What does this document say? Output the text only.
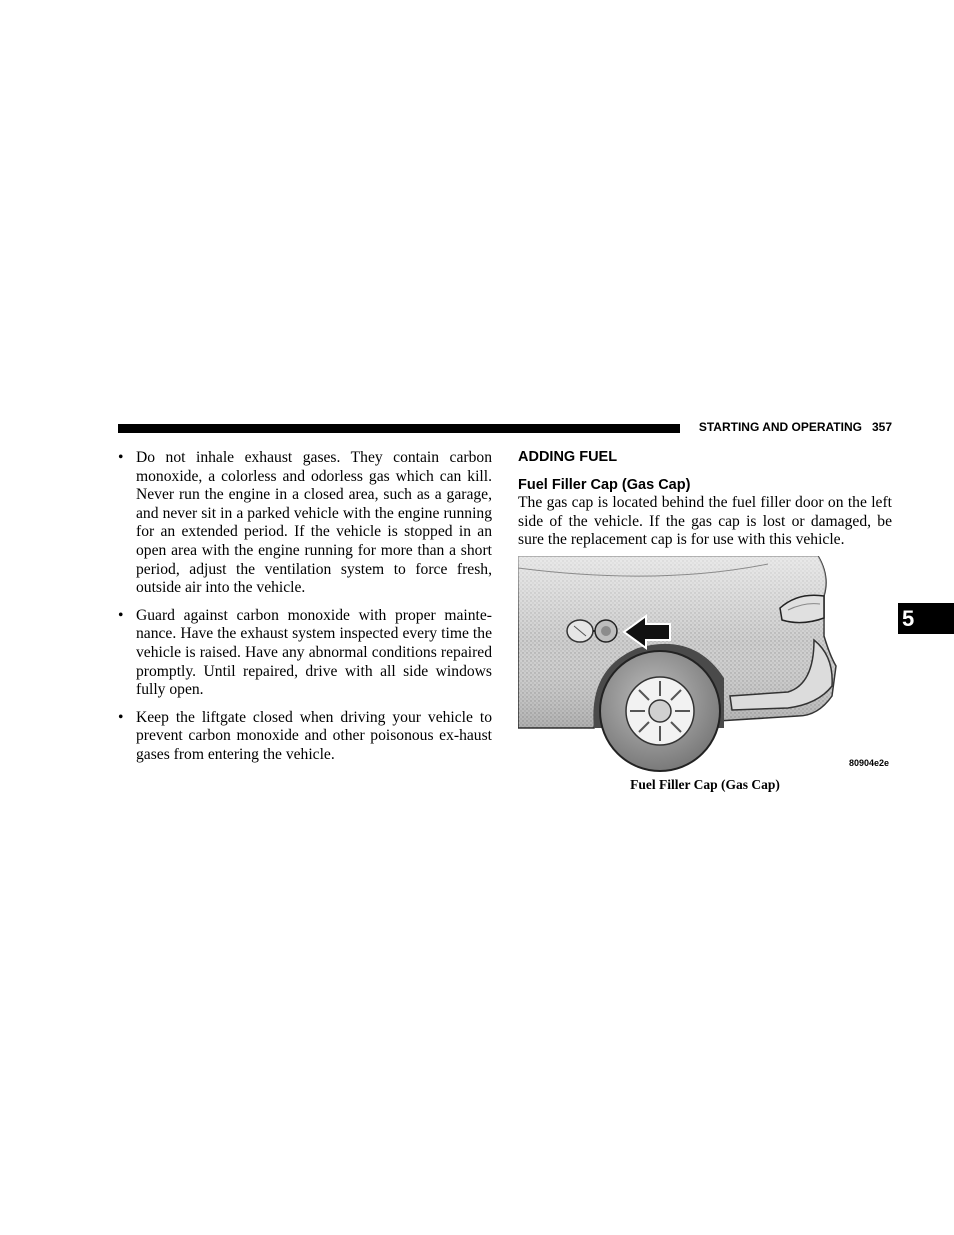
STARTING AND OPERATING 357
• Do not inhale exhaust gases. They contain carbon monoxide, a colorless and odorless gas which can kill. Never run the engine in a closed area, such as a garage, and never sit in a parked vehicle with the engine running for an extended period. If the vehicle is stopped in an open area with the engine running for more than a short period, adjust the ventilation system to force fresh, outside air into the vehicle.
• Guard against carbon monoxide with proper mainte-nance. Have the exhaust system inspected every time the vehicle is raised. Have any abnormal conditions repaired promptly. Until repaired, drive with all side windows fully open.
• Keep the liftgate closed when driving your vehicle to prevent carbon monoxide and other poisonous ex-haust gases from entering the vehicle.
ADDING FUEL
Fuel Filler Cap (Gas Cap)

The gas cap is located behind the fuel filler door on the left side of the vehicle. If the gas cap is lost or damaged, be sure the replacement cap is for use with this vehicle.

80904e2e
Fuel Filler Cap (Gas Cap)
5
